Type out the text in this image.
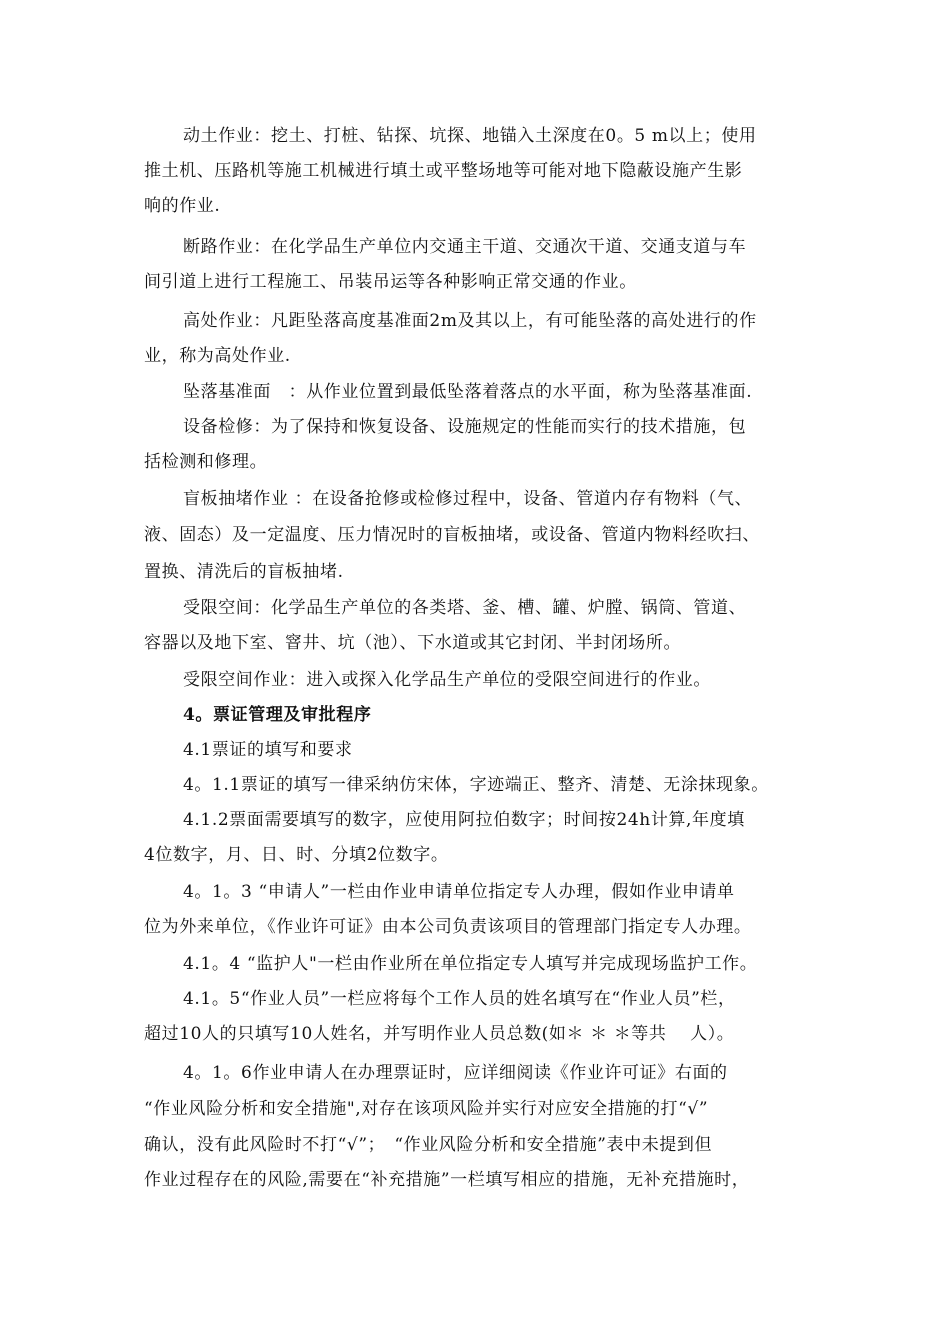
动土作业：挖土、打桩、钻探、坑探、地锚入土深度在0。5 m以上；使用
推土机、压路机等施工机械进行填土或平整场地等可能对地下隐蔽设施产生影
响的作业.
断路作业：在化学品生产单位内交通主干道、交通次干道、交通支道与车
间引道上进行工程施工、吊装吊运等各种影响正常交通的作业。
高处作业：凡距坠落高度基准面2m及其以上，有可能坠落的高处进行的作
业，称为高处作业.
坠落基准面　：从作业位置到最低坠落着落点的水平面，称为坠落基准面.
设备检修：为了保持和恢复设备、设施规定的性能而实行的技术措施，包
括检测和修理。
盲板抽堵作业 ：在设备抢修或检修过程中，设备、管道内存有物料（气、
液、固态）及一定温度、压力情况时的盲板抽堵，或设备、管道内物料经吹扫、
置换、清洗后的盲板抽堵.
受限空间：化学品生产单位的各类塔、釜、槽、罐、炉膛、锅筒、管道、
容器以及地下室、窨井、坑（池）、下水道或其它封闭、半封闭场所。
受限空间作业：进入或探入化学品生产单位的受限空间进行的作业。
4。票证管理及审批程序
4.1票证的填写和要求
4。1.1票证的填写一律采纳仿宋体，字迹端正、整齐、清楚、无涂抹现象。
4.1.2票面需要填写的数字，应使用阿拉伯数字；时间按24h计算,年度填
4位数字，月、日、时、分填2位数字。
4。1。3 “申请人”一栏由作业申请单位指定专人办理，假如作业申请单
位为外来单位，《作业许可证》由本公司负责该项目的管理部门指定专人办理。
4.1。4 “监护人"一栏由作业所在单位指定专人填写并完成现场监护工作。
4.1。5“作业人员”一栏应将每个工作人员的姓名填写在“作业人员”栏，
超过10人的只填写10人姓名，并写明作业人员总数(如＊ ＊ ＊等共　 人）。
4。1。6作业申请人在办理票证时，应详细阅读《作业许可证》右面的
“作业风险分析和安全措施",对存在该项风险并实行对应安全措施的打“√”
确认，没有此风险时不打“√”；　“作业风险分析和安全措施”表中未提到但
作业过程存在的风险,需要在“补充措施”一栏填写相应的措施，无补充措施时，
